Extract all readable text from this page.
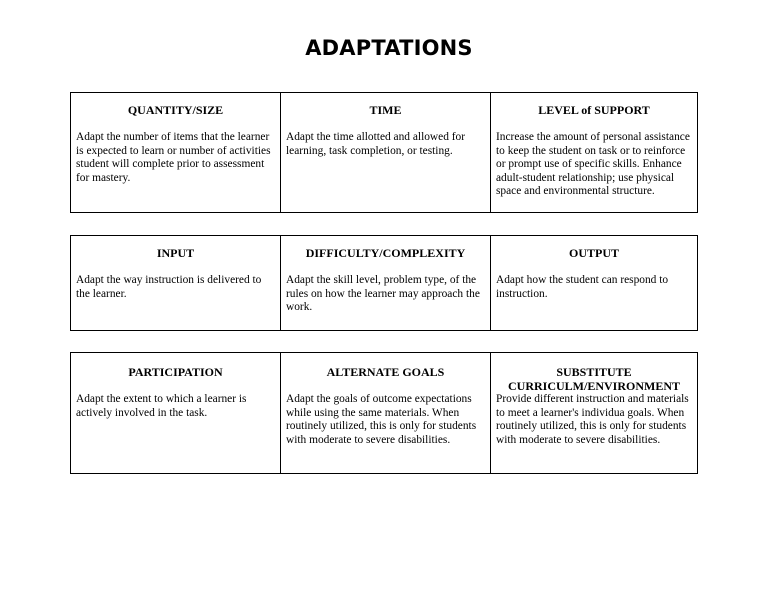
ADAPTATIONS
QUANTITY/SIZE

Adapt the number of items that the learner is expected to learn or number of activities student will complete prior to assessment for mastery.

TIME

Adapt the time allotted and allowed for learning, task completion, or testing.

LEVEL of SUPPORT

Increase the amount of personal assistance to keep the student on task or to reinforce or prompt use of specific skills. Enhance adult-student relationship; use physical space and environmental structure.

INPUT

Adapt the way instruction is delivered to the learner.

DIFFICULTY/COMPLEXITY

Adapt the skill level, problem type, of the rules on how the learner may approach the work.

OUTPUT

Adapt how the student can respond to instruction.

PARTICIPATION

Adapt the extent to which a learner is actively involved in the task.

ALTERNATE GOALS

Adapt the goals of outcome expectations while using the same materials. When routinely utilized, this is only for students with moderate to severe disabilities.

SUBSTITUTE CURRICULM/ENVIRONMENT

Provide different instruction and materials to meet a learner's individua goals. When routinely utilized, this is only for students with moderate to severe disabilities.
